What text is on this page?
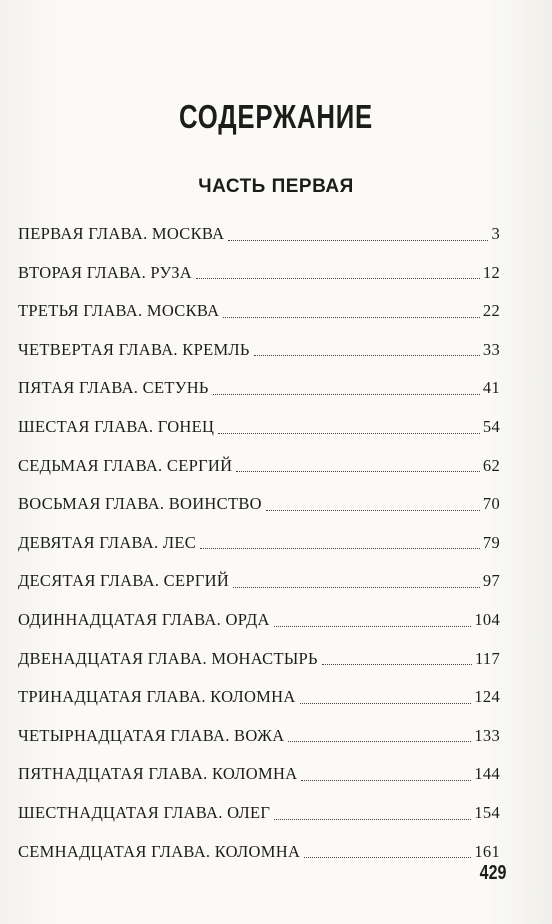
СОДЕРЖАНИЕ
ЧАСТЬ ПЕРВАЯ
ПЕРВАЯ ГЛАВА. МОСКВА	3
ВТОРАЯ ГЛАВА. РУЗА	12
ТРЕТЬЯ ГЛАВА. МОСКВА	22
ЧЕТВЕРТАЯ ГЛАВА. КРЕМЛЬ	33
ПЯТАЯ ГЛАВА. СЕТУНЬ	41
ШЕСТАЯ ГЛАВА. ГОНЕЦ	54
СЕДЬМАЯ ГЛАВА. СЕРГИЙ	62
ВОСЬМАЯ ГЛАВА. ВОИНСТВО	70
ДЕВЯТАЯ ГЛАВА. ЛЕС	79
ДЕСЯТАЯ ГЛАВА. СЕРГИЙ	97
ОДИННАДЦАТАЯ ГЛАВА. ОРДА	104
ДВЕНАДЦАТАЯ ГЛАВА. МОНАСТЫРЬ	117
ТРИНАДЦАТАЯ ГЛАВА. КОЛОМНА	124
ЧЕТЫРНАДЦАТАЯ ГЛАВА. ВОЖА	133
ПЯТНАДЦАТАЯ ГЛАВА. КОЛОМНА	144
ШЕСТНАДЦАТАЯ ГЛАВА. ОЛЕГ	154
СЕМНАДЦАТАЯ ГЛАВА. КОЛОМНА	161
429
